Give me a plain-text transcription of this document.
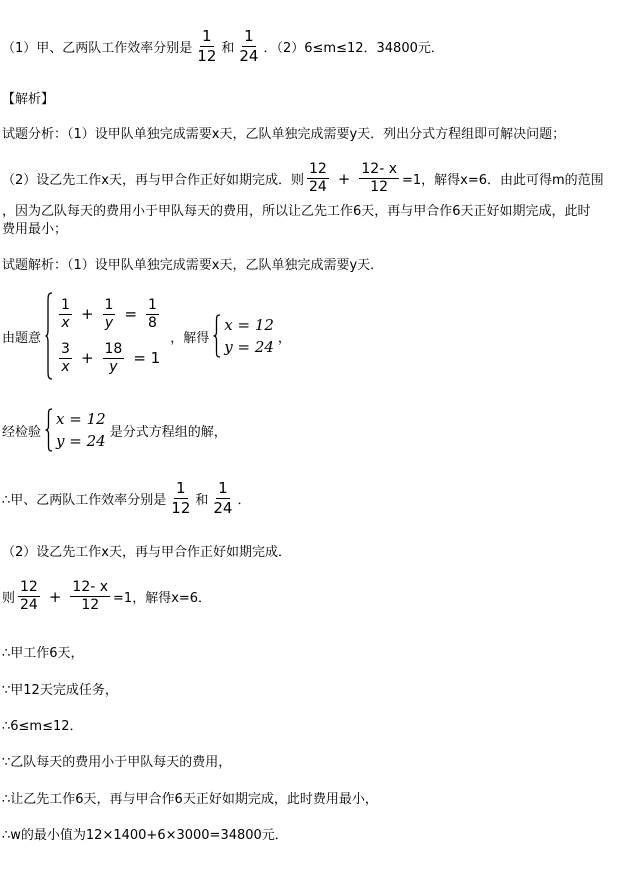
（1）甲、乙两队工作效率分别是 $\frac{1}{12}$ 和 $\frac{1}{24}$ ．（2）6≤m≤12．34800元．
【解析】
试题分析：（1）设甲队单独完成需要x天，乙队单独完成需要y天．列出分式方程组即可解决问题；
（2）设乙先工作x天，再与甲合作正好如期完成．则 $\frac{12}{24} + \frac{12- x}{12} =1$，解得x=6．由此可得m的范围
，因为乙队每天的费用小于甲队每天的费用，所以让乙先工作6天，再与甲合作6天正好如期完成，此时
费用最小；
试题解析：（1）设甲队单独完成需要x天，乙队单独完成需要y天．
由题意
$\frac{1}{x} + \frac{1}{y} = \frac{1}{8}$
$\frac{3}{x} + \frac{18}{y} = 1$
，解得
x = 12
y = 24 ，
经检验
x = 12
y = 24 是分式方程组的解，
∴甲、乙两队工作效率分别是 $\frac{1}{12}$ 和 $\frac{1}{24}$ ．
（2）设乙先工作x天，再与甲合作正好如期完成．
则 $\frac{12}{24} + \frac{12- x}{12} =1$，解得x=6．
∴甲工作6天，
∵甲12天完成任务，
∴6≤m≤12．
∵乙队每天的费用小于甲队每天的费用，
∴让乙先工作6天，再与甲合作6天正好如期完成，此时费用最小，
∴w的最小值为12×1400+6×3000=34800元．
